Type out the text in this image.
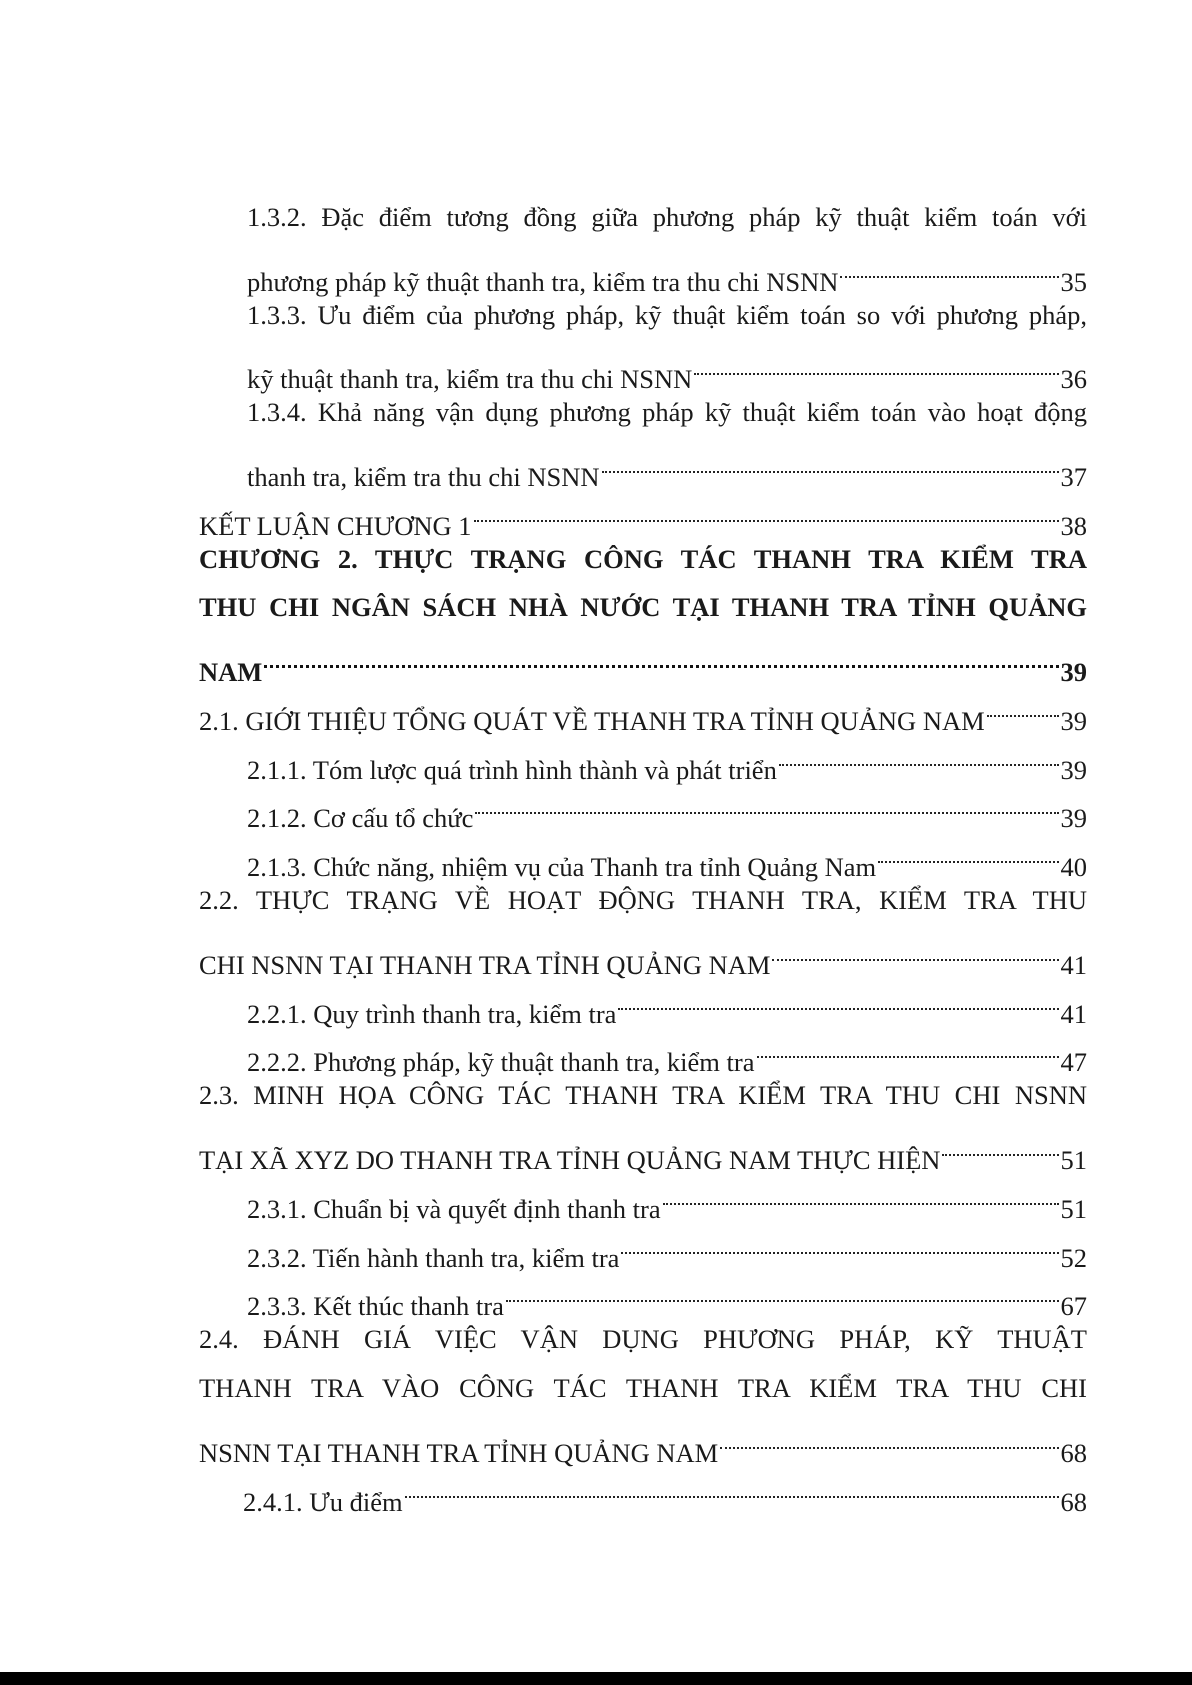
1.3.2. Đặc điểm tương đồng giữa phương pháp kỹ thuật kiểm toán với
phương pháp kỹ thuật thanh tra, kiểm tra thu chi NSNN	35
1.3.3. Ưu điểm của phương pháp, kỹ thuật kiểm toán so với phương pháp,
kỹ thuật thanh tra, kiểm tra thu chi NSNN	36
1.3.4. Khả năng vận dụng phương pháp kỹ thuật kiểm toán vào hoạt động
thanh tra, kiểm tra thu chi NSNN	37
KẾT LUẬN CHƯƠNG 1	38
CHƯƠNG 2. THỰC TRẠNG CÔNG TÁC THANH TRA KIỂM TRA
THU CHI NGÂN SÁCH NHÀ NƯỚC TẠI THANH TRA TỈNH QUẢNG
NAM	39
2.1. GIỚI THIỆU TỔNG QUÁT VỀ THANH TRA TỈNH QUẢNG NAM	39
2.1.1. Tóm lược quá trình hình thành và phát triển	39
2.1.2. Cơ cấu tổ chức	39
2.1.3. Chức năng, nhiệm vụ của Thanh tra tỉnh Quảng Nam	40
2.2. THỰC TRẠNG VỀ HOẠT ĐỘNG THANH TRA, KIỂM TRA THU
CHI NSNN TẠI THANH TRA TỈNH QUẢNG NAM	41
2.2.1. Quy trình thanh tra, kiểm tra	41
2.2.2. Phương pháp, kỹ thuật thanh tra, kiểm tra	47
2.3. MINH HỌA CÔNG TÁC THANH TRA KIỂM TRA THU CHI NSNN
TẠI XÃ XYZ DO THANH TRA TỈNH QUẢNG NAM THỰC HIỆN	51
2.3.1. Chuẩn bị và quyết định thanh tra	51
2.3.2. Tiến hành thanh tra, kiểm tra	52
2.3.3. Kết thúc thanh tra	67
2.4. ĐÁNH GIÁ VIỆC VẬN DỤNG PHƯƠNG PHÁP, KỸ THUẬT
THANH TRA VÀO CÔNG TÁC THANH TRA KIỂM TRA THU CHI
NSNN TẠI THANH TRA TỈNH QUẢNG NAM	68
2.4.1. Ưu điểm	68
